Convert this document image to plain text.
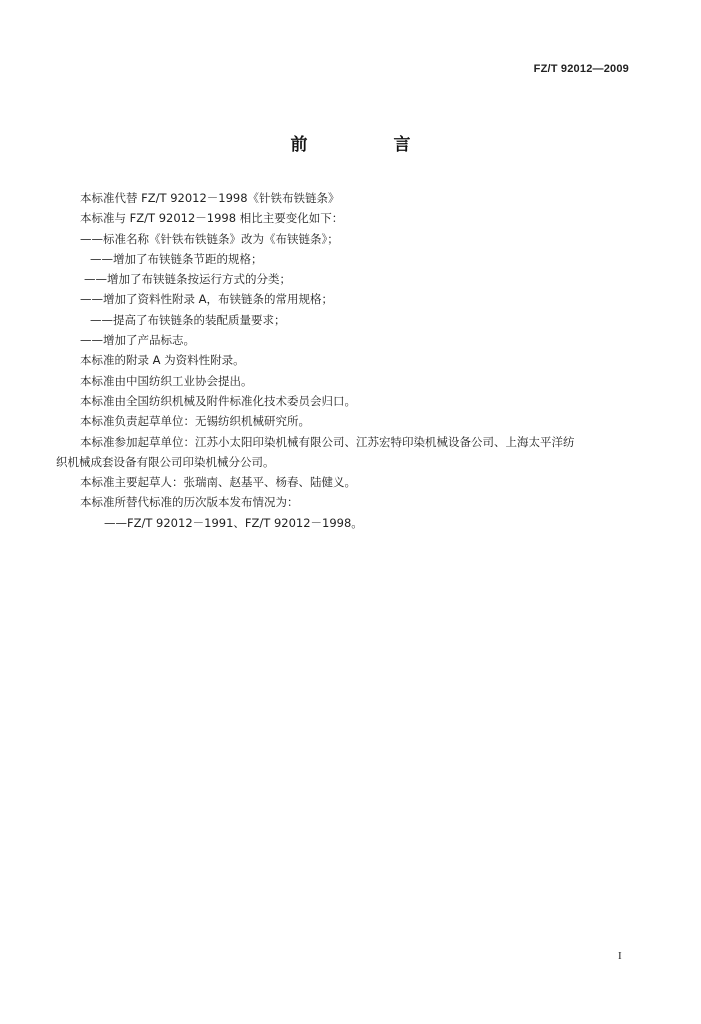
FZ/T 92012—2009
前 言
本标准代替 FZ/T 92012－1998《针铁布铁链条》
本标准与 FZ/T 92012－1998 相比主要变化如下：
——标准名称《针铁布铁链条》改为《布铗链条》；
——增加了布铗链条节距的规格；
——增加了布铗链条按运行方式的分类；
——增加了资料性附录 A，布铗链条的常用规格；
——提高了布铗链条的装配质量要求；
——增加了产品标志。
本标准的附录 A 为资料性附录。
本标准由中国纺织工业协会提出。
本标准由全国纺织机械及附件标准化技术委员会归口。
本标准负责起草单位：无锡纺织机械研究所。
本标准参加起草单位：江苏小太阳印染机械有限公司、江苏宏特印染机械设备公司、上海太平洋纺
织机械成套设备有限公司印染机械分公司。
本标准主要起草人：张瑞南、赵基平、杨春、陆健义。
本标准所替代标准的历次版本发布情况为：
——FZ/T 92012－1991、FZ/T 92012－1998。
I
